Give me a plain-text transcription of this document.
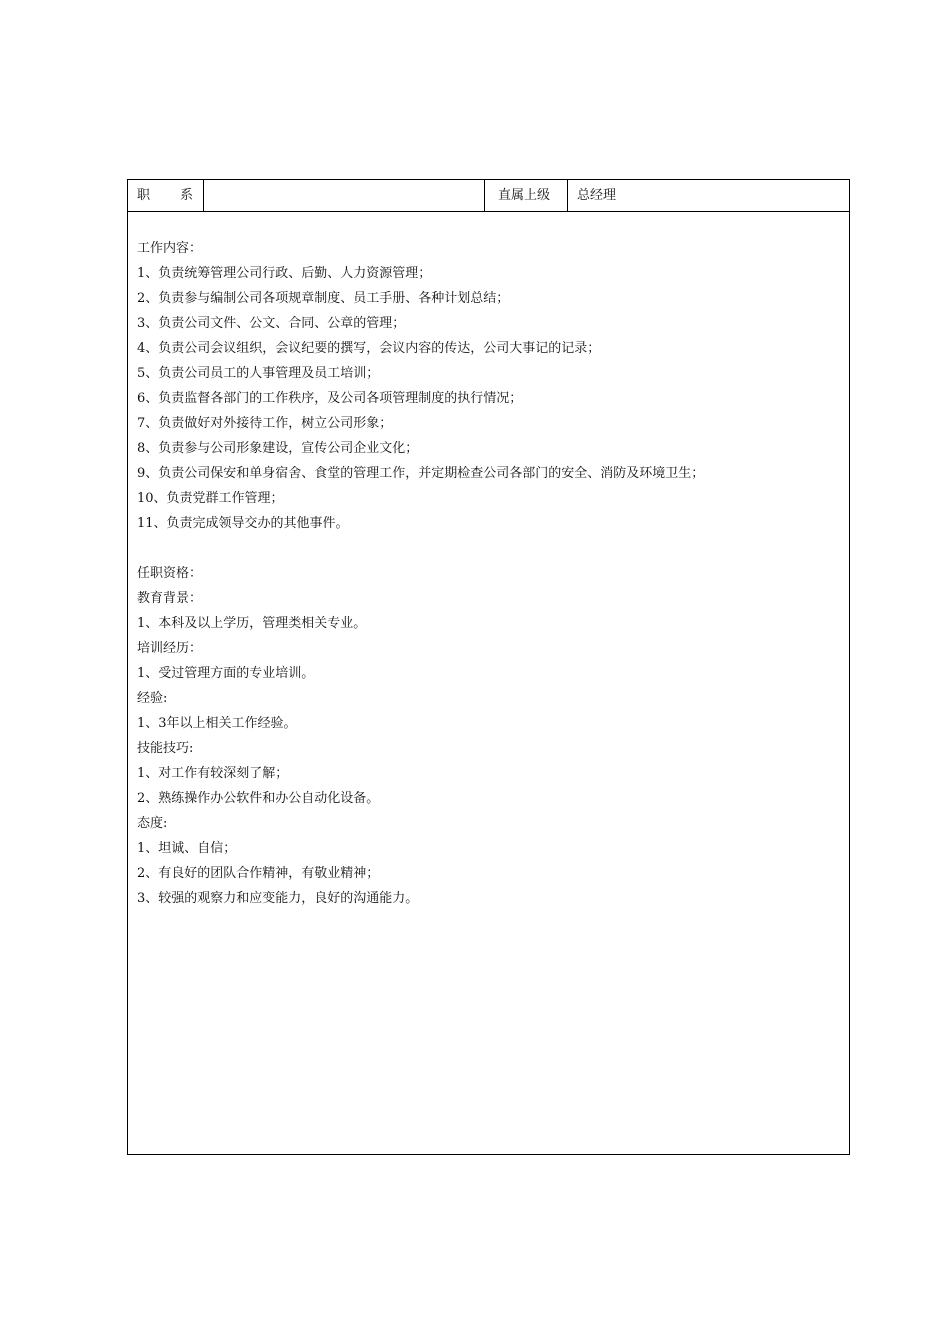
职 系	直属上级	总经理
工作内容：
1、负责统筹管理公司行政、后勤、人力资源管理；
2、负责参与编制公司各项规章制度、员工手册、各种计划总结；
3、负责公司文件、公文、合同、公章的管理；
4、负责公司会议组织，会议纪要的撰写，会议内容的传达，公司大事记的记录；
5、负责公司员工的人事管理及员工培训；
6、负责监督各部门的工作秩序，及公司各项管理制度的执行情况；
7、负责做好对外接待工作，树立公司形象；
8、负责参与公司形象建设，宣传公司企业文化；
9、负责公司保安和单身宿舍、食堂的管理工作，并定期检查公司各部门的安全、消防及环境卫生；
10、负责党群工作管理；
11、负责完成领导交办的其他事件。
任职资格：
教育背景：
1、本科及以上学历，管理类相关专业。
培训经历：
1、受过管理方面的专业培训。
经验:
1、3年以上相关工作经验。
技能技巧:
1、对工作有较深刻了解；
2、熟练操作办公软件和办公自动化设备。
态度:
1、坦诚、自信；
2、有良好的团队合作精神，有敬业精神；
3、较强的观察力和应变能力，良好的沟通能力。
